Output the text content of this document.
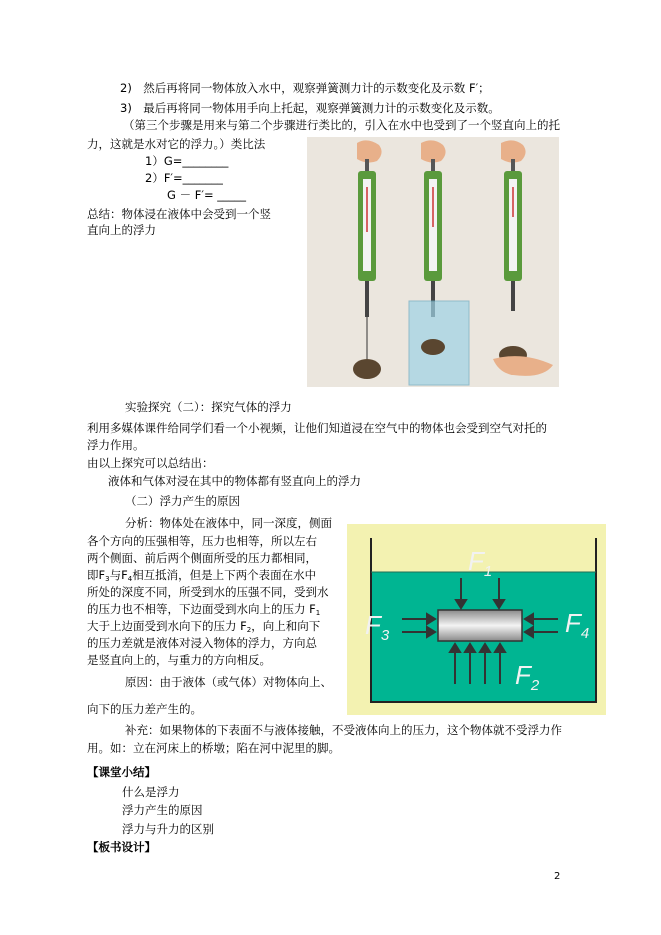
2)　然后再将同一物体放入水中，观察弹簧测力计的示数变化及示数 F′；
3)　最后再将同一物体用手向上托起，观察弹簧测力计的示数变化及示数。
（第三个步骤是用来与第二个步骤进行类比的，引入在水中也受到了一个竖直向上的托
力，这就是水对它的浮力。）类比法
1）G=________
2）F′=_______
G － F′= _____
总结：物体浸在液体中会受到一个竖
直向上的浮力
实验探究（二）：探究气体的浮力
利用多媒体课件给同学们看一个小视频，让他们知道浸在空气中的物体也会受到空气对托的
浮力作用。
由以上探究可以总结出：
液体和气体对浸在其中的物体都有竖直向上的浮力
（二）浮力产生的原因
分析：物体处在液体中，同一深度，侧面
各个方向的压强相等，压力也相等，所以左右
两个侧面、前后两个侧面所受的压力都相同，
即F3与F4相互抵消，但是上下两个表面在水中
所处的深度不同，所受到水的压强不同，受到水
的压力也不相等，下边面受到水向上的压力 F1
大于上边面受到水向下的压力 F2，向上和向下
的压力差就是液体对浸入物体的浮力，方向总
是竖直向上的，与重力的方向相反。
$F_1$
$F_3$	$F_4$
$F_2$
原因：由于液体（或气体）对物体向上、
向下的压力差产生的。
补充：如果物体的下表面不与液体接触，不受液体向上的压力，这个物体就不受浮力作
用。如：立在河床上的桥墩；陷在河中泥里的脚。
【课堂小结】
什么是浮力
浮力产生的原因
浮力与升力的区别
【板书设计】
2
